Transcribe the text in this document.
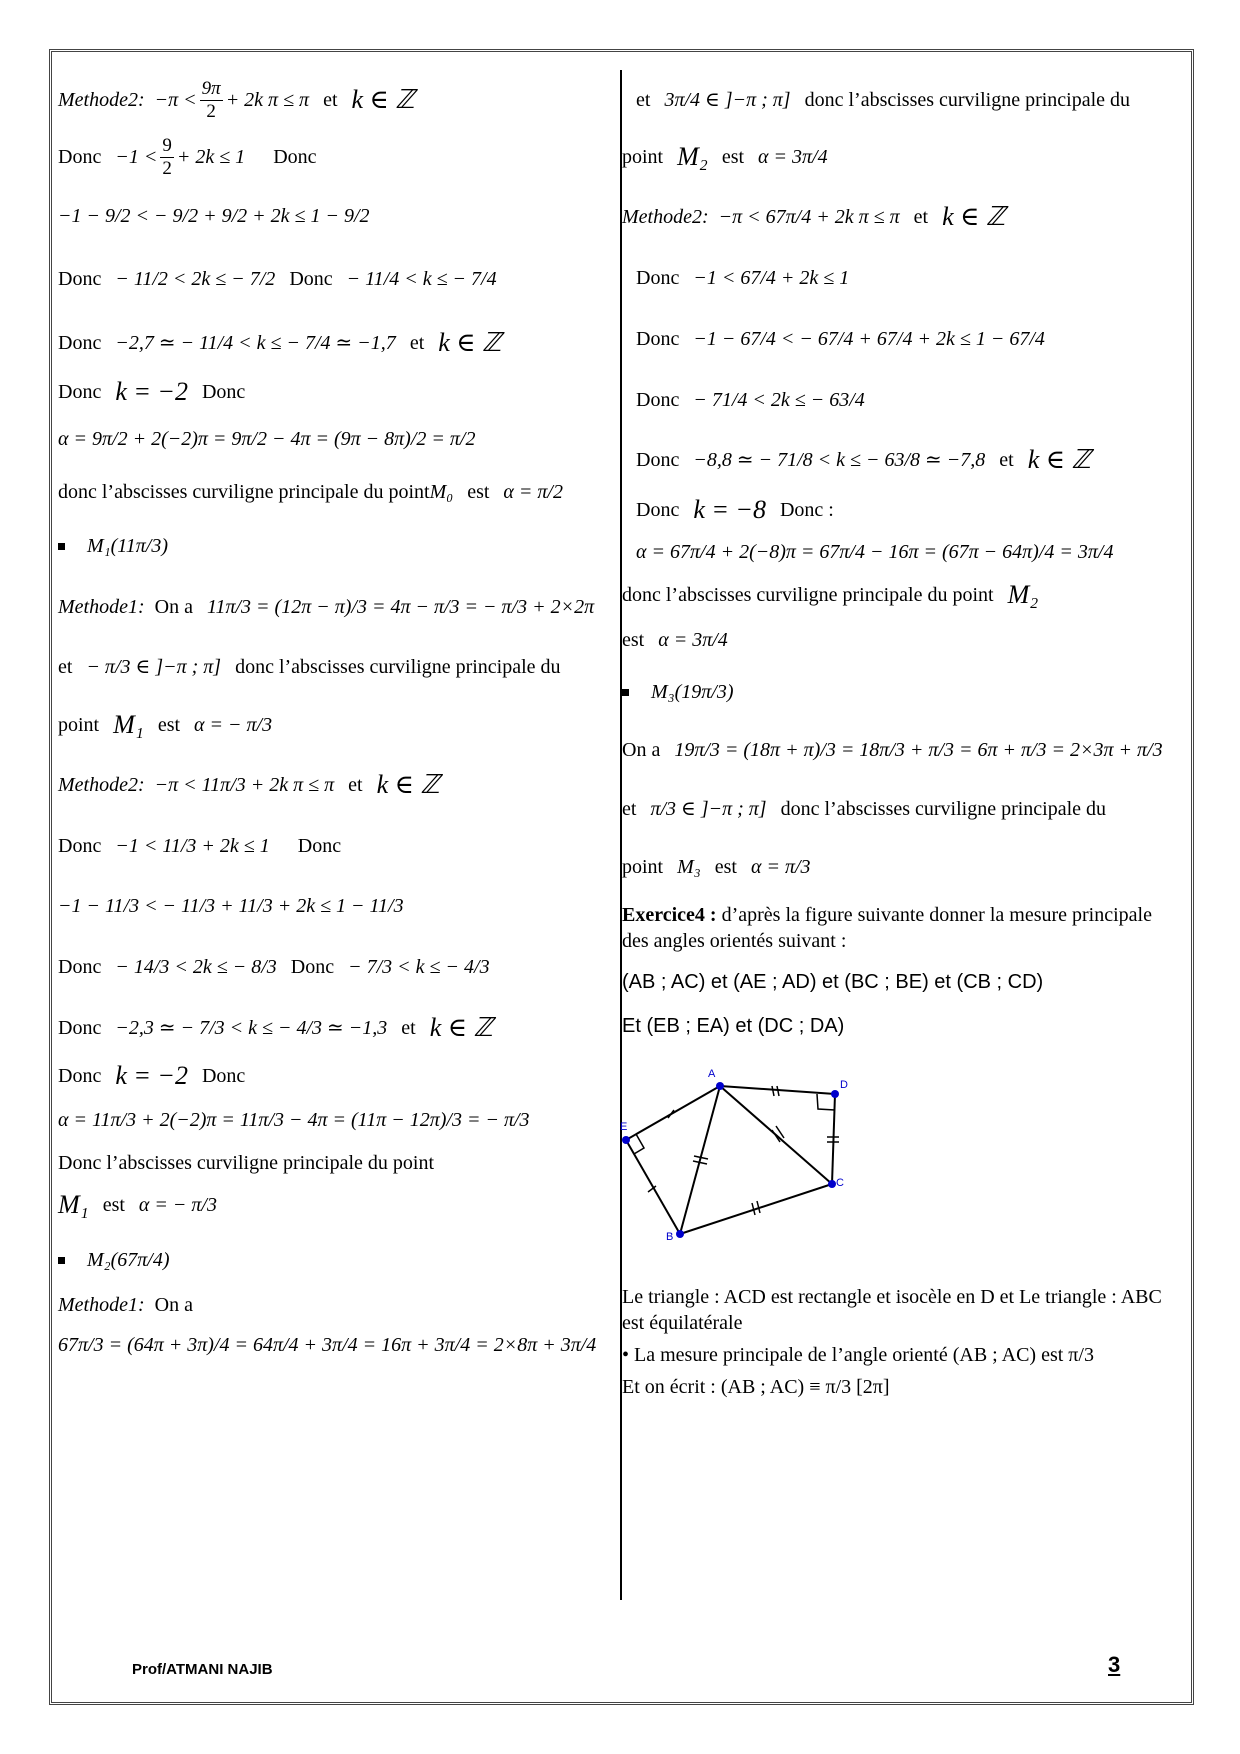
Methode2: $-\pi < \frac{9\pi}{2} + 2k$ π ≤ π et k ∈ ℤ
Donc $-1 < \frac{9}{2} + 2k \le 1$ Donc
−1 − 9/2 < − 9/2 + 9/2 + 2k ≤ 1 − 9/2
Donc − 11/2 < 2k ≤ − 7/2 Donc − 11/4 < k ≤ − 7/4
Donc −2,7 ≃ − 11/4 < k ≤ − 7/4 ≃ −1,7 et k ∈ ℤ
Donc k = −2 Donc
α = 9π/2 + 2(−2)π = 9π/2 − 4π = (9π − 8π)/2 = π/2
donc l’abscisses curviligne principale du point M₀ est α = π/2
M₁(11π/3)
Methode1: On a 11π/3 = (12π − π)/3 = 4π − π/3 = − π/3 + 2×2π
et − π/3 ∈ ]−π ; π] donc l’abscisses curviligne principale du
point M₁ est α = − π/3
Methode2: −π < 11π/3 + 2k π ≤ π et k ∈ ℤ
Donc −1 < 11/3 + 2k ≤ 1 Donc
−1 − 11/3 < − 11/3 + 11/3 + 2k ≤ 1 − 11/3
Donc − 14/3 < 2k ≤ − 8/3 Donc − 7/3 < k ≤ − 4/3
Donc −2,3 ≃ − 7/3 < k ≤ − 4/3 ≃ −1,3 et k ∈ ℤ
Donc k = −2 Donc
α = 11π/3 + 2(−2)π = 11π/3 − 4π = (11π − 12π)/3 = − π/3
Donc l’abscisses curviligne principale du point
M₁ est α = − π/3
M₂(67π/4)
Methode1: On a
67π/3 = (64π + 3π)/4 = 64π/4 + 3π/4 = 16π + 3π/4 = 2×8π + 3π/4
et 3π/4 ∈ ]−π ; π] donc l’abscisses curviligne principale du
point M₂ est α = 3π/4
Methode2: −π < 67π/4 + 2k π ≤ π et k ∈ ℤ
Donc −1 < 67/4 + 2k ≤ 1
Donc −1 − 67/4 < − 67/4 + 67/4 + 2k ≤ 1 − 67/4
Donc − 71/4 < 2k ≤ − 63/4
Donc −8,8 ≃ − 71/8 < k ≤ − 63/8 ≃ −7,8 et k ∈ ℤ
Donc k = −8 Donc :
α = 67π/4 + 2(−8)π = 67π/4 − 16π = (67π − 64π)/4 = 3π/4
donc l’abscisses curviligne principale du point M₂
est α = 3π/4
M₃(19π/3)
On a 19π/3 = (18π + π)/3 = 18π/3 + π/3 = 6π + π/3 = 2×3π + π/3
et π/3 ∈ ]−π ; π] donc l’abscisses curviligne principale du
point M₃ est α = π/3
Exercice4 : d’après la figure suivante donner la mesure principale des angles orientés suivant :
(AB ; AC) et (AE ; AD) et (BC ; BE) et (CB ; CD)
Et (EB ; EA) et (DC ; DA)
A
D
C
B
E
Le triangle : ACD est rectangle et isocèle en D et Le triangle : ABC est équilatérale
• La mesure principale de l’angle orienté (AB ; AC) est π/3
Et on écrit : (AB ; AC) ≡ π/3 [2π]
Prof/ATMANI NAJIB	3
